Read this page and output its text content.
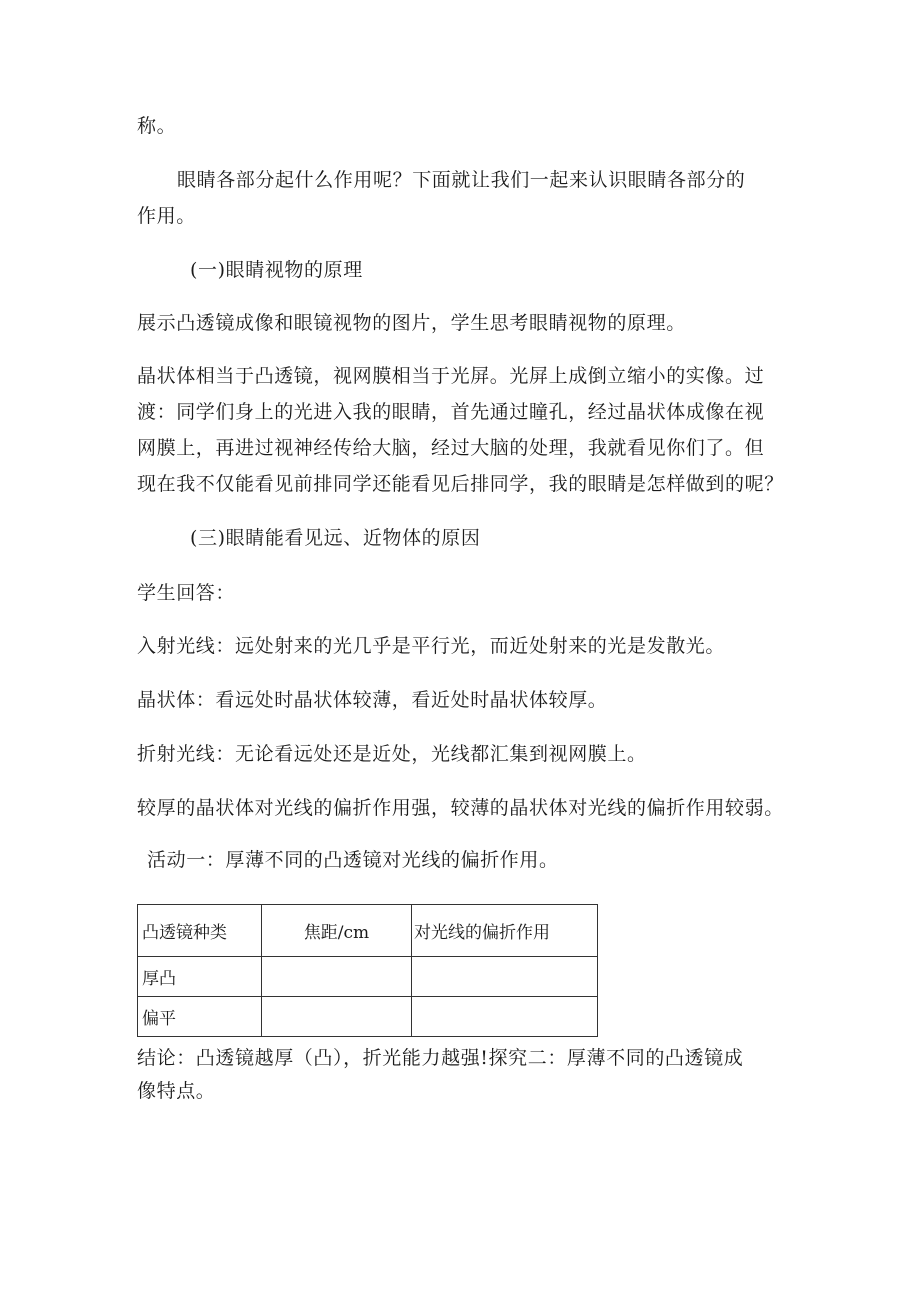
称。

眼睛各部分起什么作用呢？下面就让我们一起来认识眼睛各部分的

作用。

(一)眼睛视物的原理

展示凸透镜成像和眼镜视物的图片，学生思考眼睛视物的原理。

晶状体相当于凸透镜，视网膜相当于光屏。光屏上成倒立缩小的实像。过

渡：同学们身上的光进入我的眼睛，首先通过瞳孔，经过晶状体成像在视

网膜上，再进过视神经传给大脑，经过大脑的处理，我就看见你们了。但

现在我不仅能看见前排同学还能看见后排同学，我的眼睛是怎样做到的呢？

(三)眼睛能看见远、近物体的原因

学生回答：

入射光线：远处射来的光几乎是平行光，而近处射来的光是发散光。

晶状体：看远处时晶状体较薄，看近处时晶状体较厚。

折射光线：无论看远处还是近处，光线都汇集到视网膜上。

较厚的晶状体对光线的偏折作用强，较薄的晶状体对光线的偏折作用较弱。

活动一：厚薄不同的凸透镜对光线的偏折作用。

凸透镜种类	焦距/cm	对光线的偏折作用
厚凸		
偏平		

结论：凸透镜越厚（凸），折光能力越强!探究二：厚薄不同的凸透镜成

像特点。
